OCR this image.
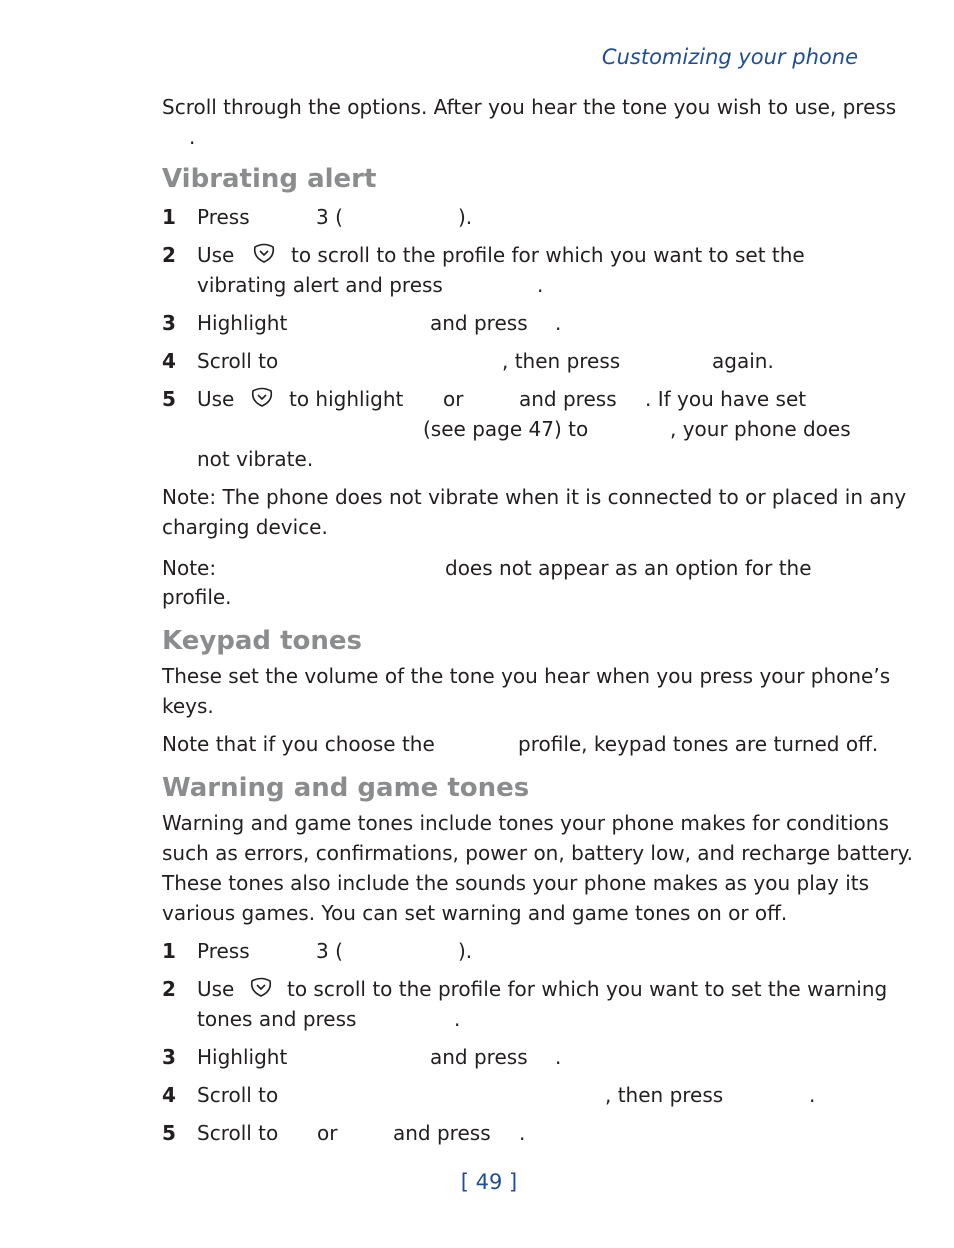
Customizing your phone
Scroll through the options. After you hear the tone you wish to use, press
.
Vibrating alert
1 Press	3 (	).
2 Use	to scroll to the profile for which you want to set the
vibrating alert and press	.
3 Highlight	and press .
4 Scroll to	, then press	again.
5 Use	to highlight or	and press . If you have set
(see page 47) to	, your phone does
not vibrate.
Note: The phone does not vibrate when it is connected to or placed in any
charging device.
Note:	does not appear as an option for the
profile.
Keypad tones
These set the volume of the tone you hear when you press your phone’s
keys.
Note that if you choose the	profile, keypad tones are turned off.
Warning and game tones
Warning and game tones include tones your phone makes for conditions
such as errors, confirmations, power on, battery low, and recharge battery.
These tones also include the sounds your phone makes as you play its
various games. You can set warning and game tones on or off.
1 Press	3 (	).
2 Use	to scroll to the profile for which you want to set the warning
tones and press	.
3 Highlight	and press .
4 Scroll to	, then press	.
5 Scroll to or	and press .
[ 49 ]
